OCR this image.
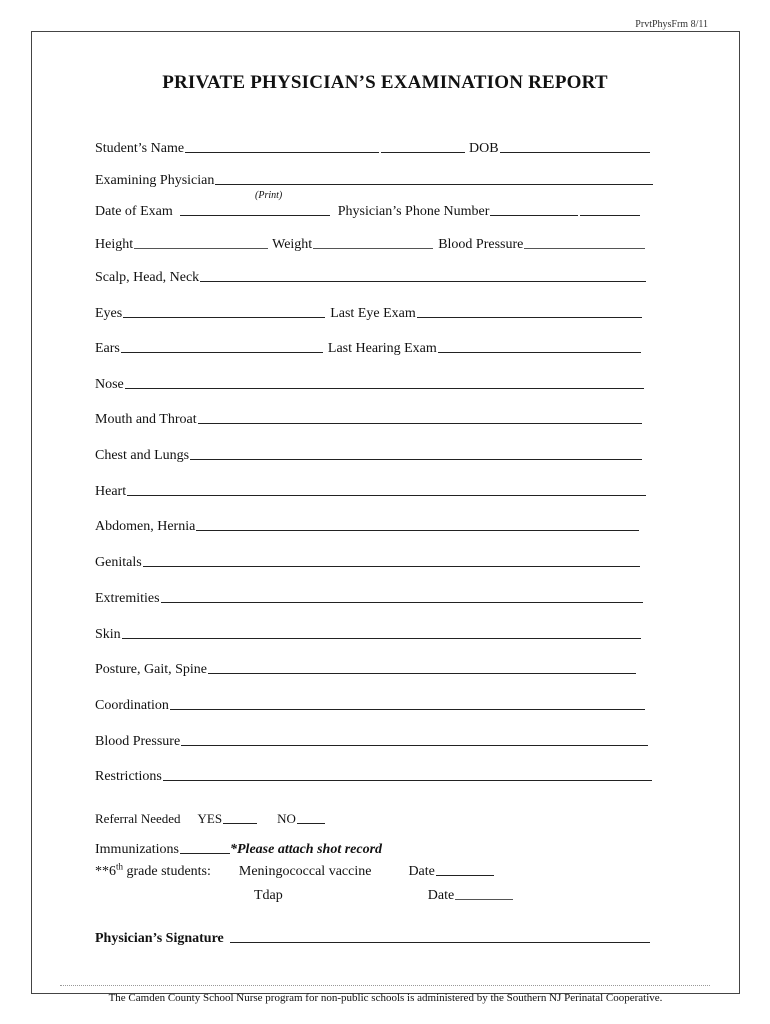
PrvtPhysFrm 8/11
PRIVATE PHYSICIAN’S EXAMINATION REPORT
Student’s Name	DOB
Examining Physician
(Print)
Date of Exam	Physician’s Phone Number
Height	Weight	Blood Pressure
Scalp, Head, Neck
Eyes	Last Eye Exam
Ears	Last Hearing Exam
Nose
Mouth and Throat
Chest and Lungs
Heart
Abdomen, Hernia
Genitals
Extremities
Skin
Posture, Gait, Spine
Coordination
Blood Pressure
Restrictions
Referral Needed YES	NO
Immunizations	*Please attach shot record
**6th grade students: Meningococcal vaccine	Date
Tdap	Date
Physician’s Signature
The Camden County School Nurse program for non-public schools is administered by the Southern NJ Perinatal Cooperative.
